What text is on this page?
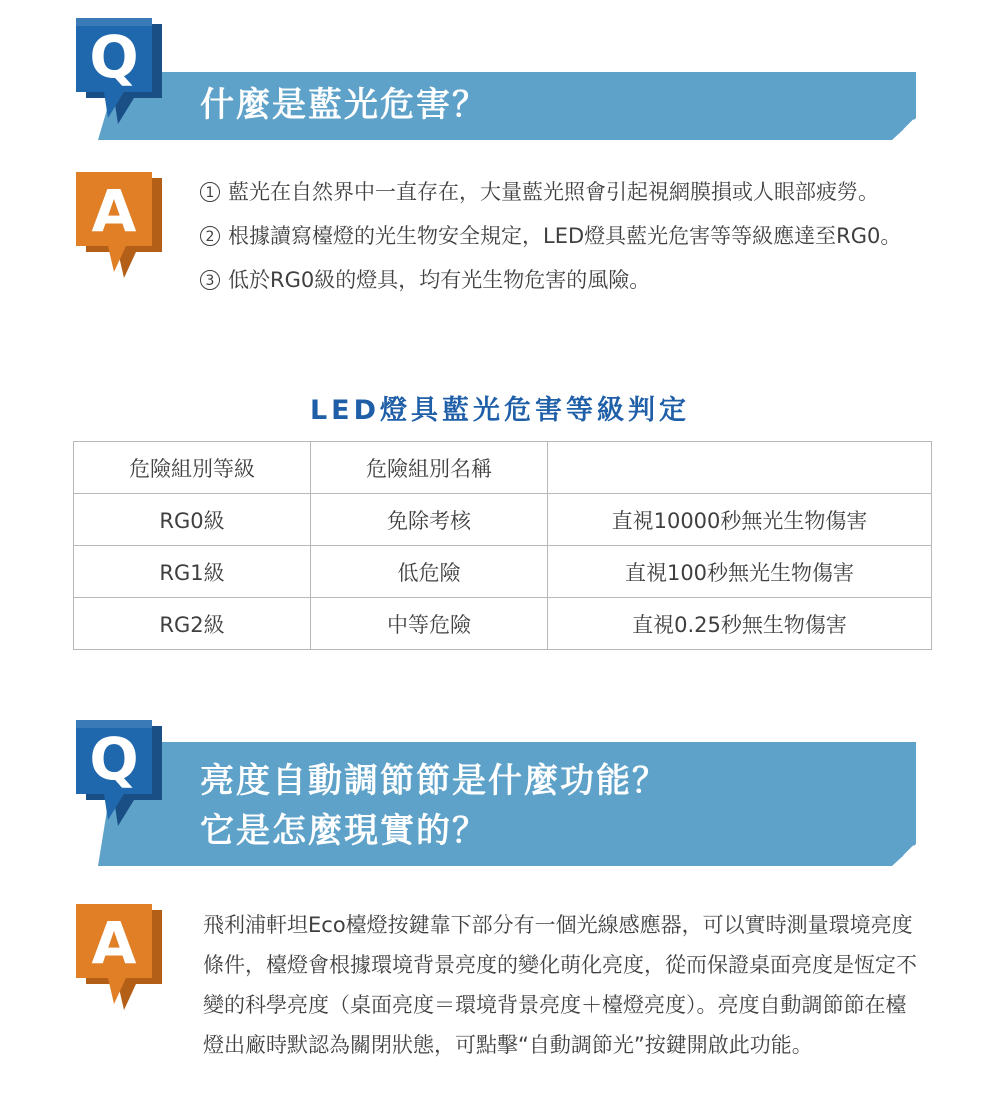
什麼是藍光危害？
Q
A	1 藍光在自然界中一直存在，大量藍光照會引起視網膜損或人眼部疲勞。
2 根據讀寫檯燈的光生物安全規定，LED燈具藍光危害等等級應達至RG0。
3 低於RG0級的燈具，均有光生物危害的風險。
LED燈具藍光危害等級判定
危險組別等級	危險組別名稱	
RG0級	免除考核	直視10000秒無光生物傷害
RG1級	低危險	直視100秒無光生物傷害
RG2級	中等危險	直視0.25秒無生物傷害
亮度自動調節節是什麼功能？
它是怎麼現實的？
Q
A	飛利浦軒坦Eco檯燈按鍵靠下部分有一個光線感應器，可以實時測量環境亮度條件，檯燈會根據環境背景亮度的變化萌化亮度，從而保證桌面亮度是恆定不變的科學亮度（桌面亮度＝環境背景亮度＋檯燈亮度）。亮度自動調節節在檯燈出廠時默認為關閉狀態，可點擊“自動調節光”按鍵開啟此功能。
